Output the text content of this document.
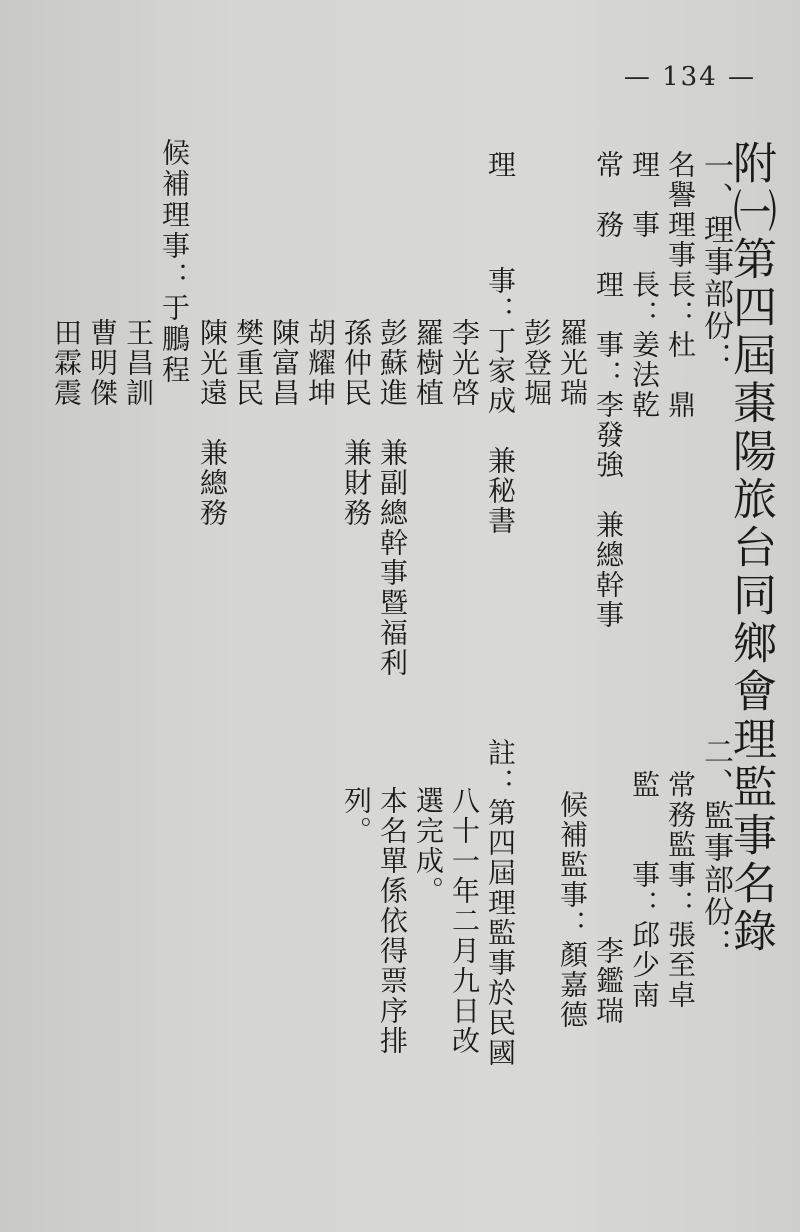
— 134 —
附㈠第四屆棗陽旅台同鄉會理監事名錄
一、理事部份：
名譽理事長：杜　鼎
理　事　長：姜法乾
常　務　理　事：李發強　兼總幹事
羅光瑞
彭登堀
理
事：丁家成　兼秘書
李光啓
羅樹植
彭蘇進　兼副總幹事暨福利
孫仲民　兼財務
胡耀坤
陳富昌
樊重民
陳光遠　兼總務
候補理事：于鵬程
王昌訓
曹明傑
田霖震
二、監事部份：
常務監事：張至卓
監　　事：邱少南
李鑑瑞
候補監事：顏嘉德
註：第四屆理監事於民國
八十一年二月九日改
選完成。
本名單係依得票序排
列。
